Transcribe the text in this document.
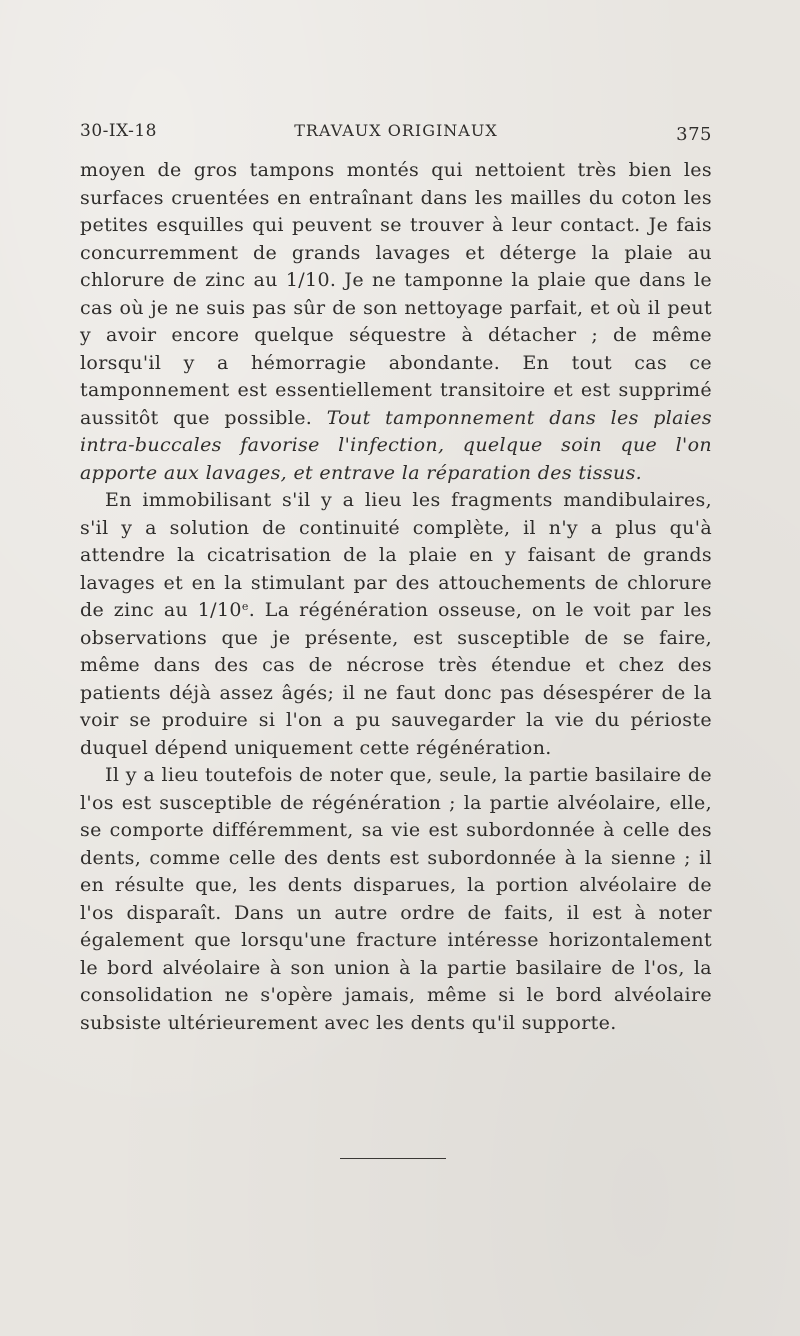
30-IX-18	TRAVAUX ORIGINAUX	375

moyen de gros tampons montés qui nettoient très bien les surfaces cruentées en entraînant dans les mailles du coton les petites esquilles qui peuvent se trouver à leur contact. Je fais concurremment de grands lavages et déterge la plaie au chlorure de zinc au 1/10. Je ne tamponne la plaie que dans le cas où je ne suis pas sûr de son nettoyage parfait, et où il peut y avoir encore quelque séquestre à détacher ; de même lorsqu'il y a hémorragie abondante. En tout cas ce tamponnement est essentiellement transitoire et est supprimé aussitôt que possible. Tout tamponnement dans les plaies intra-buccales favorise l'infection, quelque soin que l'on apporte aux lavages, et entrave la réparation des tissus.

En immobilisant s'il y a lieu les fragments mandibulaires, s'il y a solution de continuité complète, il n'y a plus qu'à attendre la cicatrisation de la plaie en y faisant de grands lavages et en la stimulant par des attouchements de chlorure de zinc au 1/10e. La régénération osseuse, on le voit par les observations que je présente, est susceptible de se faire, même dans des cas de nécrose très étendue et chez des patients déjà assez âgés; il ne faut donc pas désespérer de la voir se produire si l'on a pu sauvegarder la vie du périoste duquel dépend uniquement cette régénération.

Il y a lieu toutefois de noter que, seule, la partie basilaire de l'os est susceptible de régénération ; la partie alvéolaire, elle, se comporte différemment, sa vie est subordonnée à celle des dents, comme celle des dents est subordonnée à la sienne ; il en résulte que, les dents disparues, la portion alvéolaire de l'os disparaît. Dans un autre ordre de faits, il est à noter également que lorsqu'une fracture intéresse horizontalement le bord alvéolaire à son union à la partie basilaire de l'os, la consolidation ne s'opère jamais, même si le bord alvéolaire subsiste ultérieurement avec les dents qu'il supporte.
